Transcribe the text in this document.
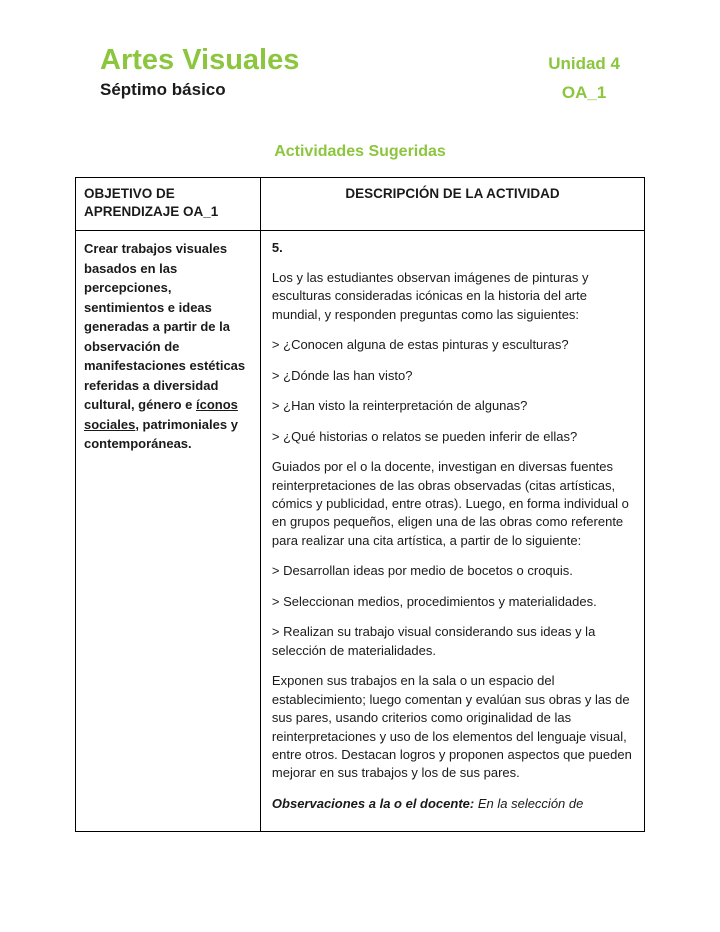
Artes Visuales
Séptimo básico
Unidad 4
OA_1
Actividades Sugeridas
OBJETIVO DE APRENDIZAJE OA_1	DESCRIPCIÓN DE LA ACTIVIDAD
Crear trabajos visuales basados en las percepciones, sentimientos e ideas generadas a partir de la observación de manifestaciones estéticas referidas a diversidad cultural, género e íconos sociales, patrimoniales y contemporáneas.	

5.

Los y las estudiantes observan imágenes de pinturas y esculturas consideradas icónicas en la historia del arte mundial, y responden preguntas como las siguientes:

> ¿Conocen alguna de estas pinturas y esculturas?

> ¿Dónde las han visto?

> ¿Han visto la reinterpretación de algunas?

> ¿Qué historias o relatos se pueden inferir de ellas?

Guiados por el o la docente, investigan en diversas fuentes reinterpretaciones de las obras observadas (citas artísticas, cómics y publicidad, entre otras). Luego, en forma individual o en grupos pequeños, eligen una de las obras como referente para realizar una cita artística, a partir de lo siguiente:

> Desarrollan ideas por medio de bocetos o croquis.

> Seleccionan medios, procedimientos y materialidades.

> Realizan su trabajo visual considerando sus ideas y la selección de materialidades.

Exponen sus trabajos en la sala o un espacio del establecimiento; luego comentan y evalúan sus obras y las de sus pares, usando criterios como originalidad de las reinterpretaciones y uso de los elementos del lenguaje visual, entre otros. Destacan logros y proponen aspectos que pueden mejorar en sus trabajos y los de sus pares.

Observaciones a la o el docente: En la selección de
